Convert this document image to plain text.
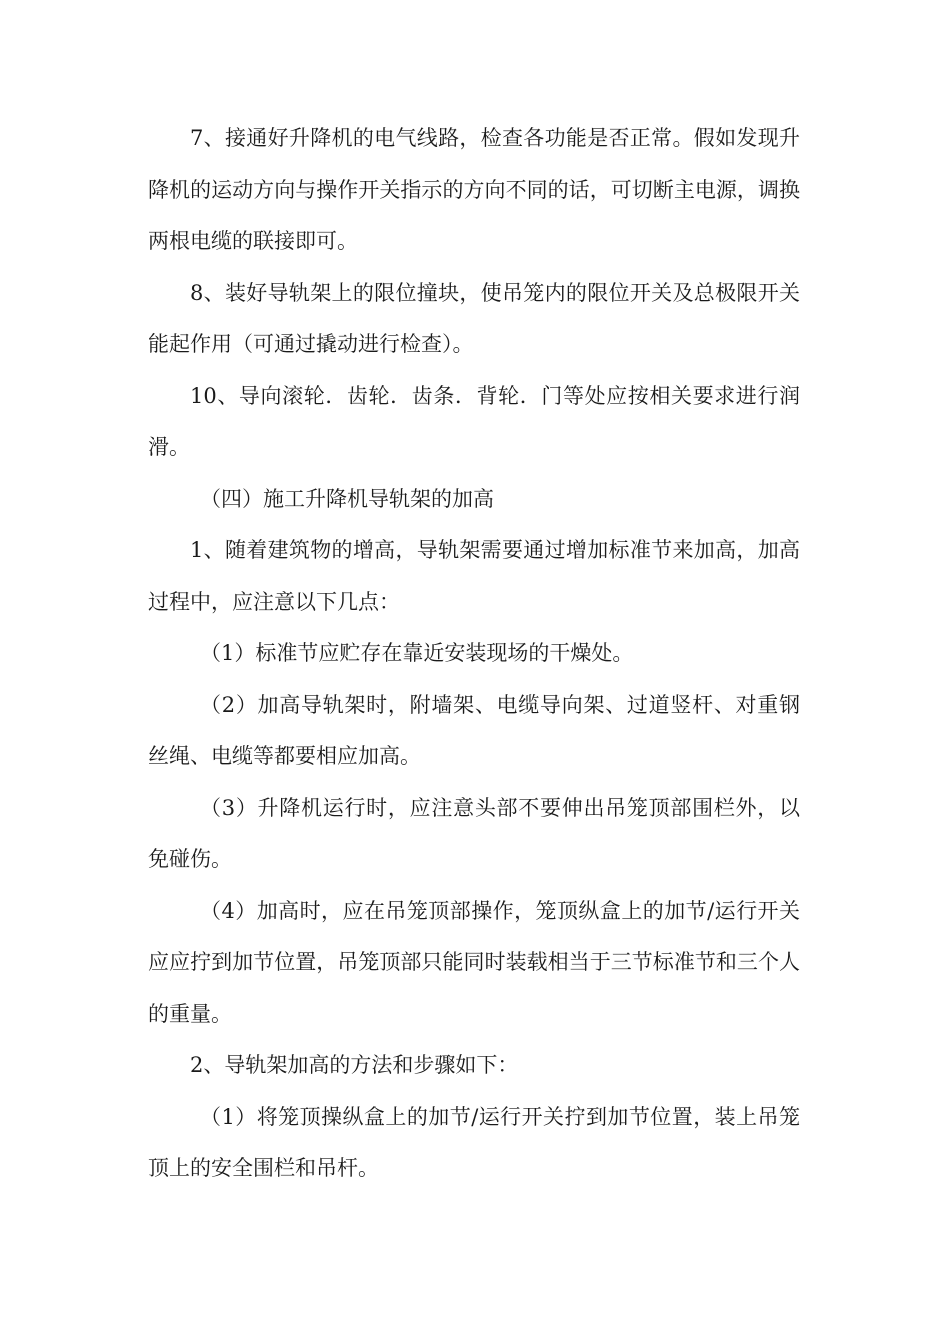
7、接通好升降机的电气线路，检查各功能是否正常。假如发现升降机的运动方向与操作开关指示的方向不同的话，可切断主电源，调换两根电缆的联接即可。

8、装好导轨架上的限位撞块，使吊笼内的限位开关及总极限开关能起作用（可通过撬动进行检查）。

10、导向滚轮．齿轮．齿条．背轮．门等处应按相关要求进行润滑。

（四）施工升降机导轨架的加高

1、随着建筑物的增高，导轨架需要通过增加标准节来加高，加高过程中，应注意以下几点：

（1）标准节应贮存在靠近安装现场的干燥处。

（2）加高导轨架时，附墙架、电缆导向架、过道竖杆、对重钢丝绳、电缆等都要相应加高。

（3）升降机运行时，应注意头部不要伸出吊笼顶部围栏外，以免碰伤。

（4）加高时，应在吊笼顶部操作，笼顶纵盒上的加节/运行开关应应拧到加节位置，吊笼顶部只能同时装载相当于三节标准节和三个人的重量。

2、导轨架加高的方法和步骤如下：

（1）将笼顶操纵盒上的加节/运行开关拧到加节位置，装上吊笼顶上的安全围栏和吊杆。
